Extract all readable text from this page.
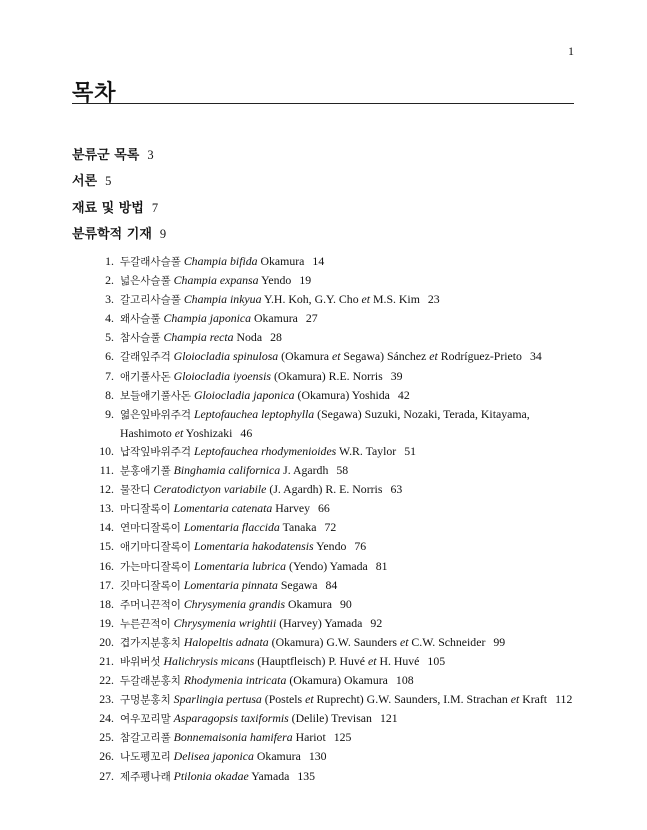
1
목차
분류군 목록 3
서론 5
재료 및 방법 7
분류학적 기재 9
1. 두갈래사슬풀 Champia bifida Okamura 14
2. 넓은사슬풀 Champia expansa Yendo 19
3. 갈고리사슬풀 Champia inkyua Y.H. Koh, G.Y. Cho et M.S. Kim 23
4. 왜사슬풀 Champia japonica Okamura 27
5. 참사슬풀 Champia recta Noda 28
6. 갈래잎주걱 Gloiocladia spinulosa (Okamura et Segawa) Sánchez et Rodríguez-Prieto 34
7. 애기풀사돈 Gloiocladia iyoensis (Okamura) R.E. Norris 39
8. 보들애기풀사돈 Gloiocladia japonica (Okamura) Yoshida 42
9. 엷은잎바위주걱 Leptofauchea leptophylla (Segawa) Suzuki, Nozaki, Terada, Kitayama, Hashimoto et Yoshizaki 46
10. 납작잎바위주걱 Leptofauchea rhodymenioides W.R. Taylor 51
11. 분홍애기풀 Binghamia californica J. Agardh 58
12. 물잔디 Ceratodictyon variabile (J. Agardh) R. E. Norris 63
13. 마디잘록이 Lomentaria catenata Harvey 66
14. 연마디잘록이 Lomentaria flaccida Tanaka 72
15. 애기마디잘록이 Lomentaria hakodatensis Yendo 76
16. 가는마디잘록이 Lomentaria lubrica (Yendo) Yamada 81
17. 깃마디잘록이 Lomentaria pinnata Segawa 84
18. 주머니끈적이 Chrysymenia grandis Okamura 90
19. 누른끈적이 Chrysymenia wrightii (Harvey) Yamada 92
20. 겹가지분홍치 Halopeltis adnata (Okamura) G.W. Saunders et C.W. Schneider 99
21. 바위버섯 Halichrysis micans (Hauptfleisch) P. Huvé et H. Huvé 105
22. 두갈래분홍치 Rhodymenia intricata (Okamura) Okamura 108
23. 구멍분홍치 Sparlingia pertusa (Postels et Ruprecht) G.W. Saunders, I.M. Strachan et Kraft 112
24. 여우꼬리말 Asparagopsis taxiformis (Delile) Trevisan 121
25. 참갈고리풀 Bonnemaisonia hamifera Hariot 125
26. 나도펭꼬리 Delisea japonica Okamura 130
27. 제주펭나래 Ptilonia okadae Yamada 135
